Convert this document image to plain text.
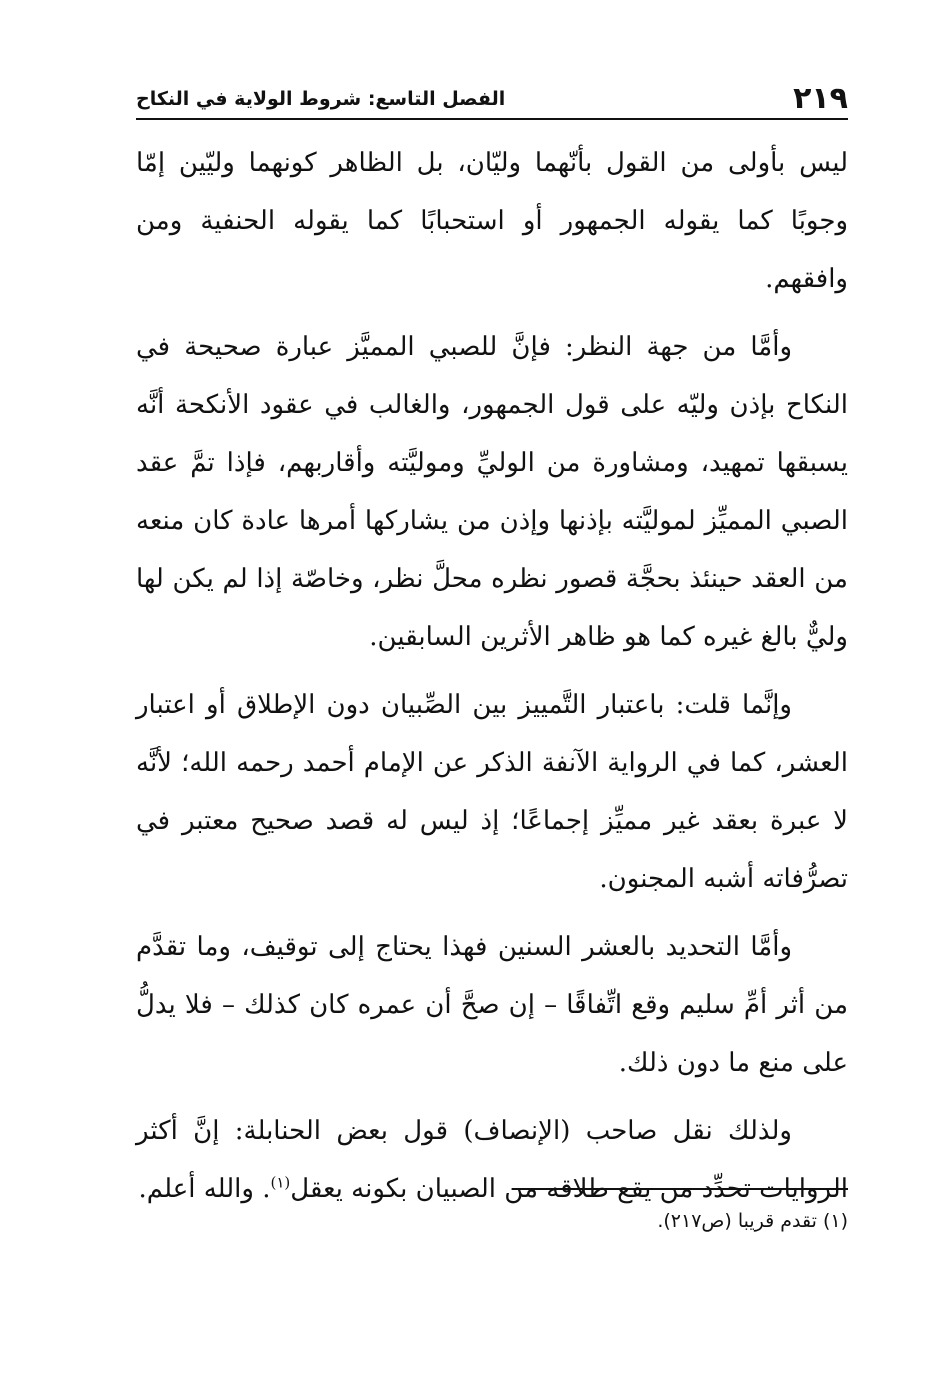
٢١٩
الفصل التاسع: شروط الولاية في النكاح

ليس بأولى من القول بأنّهما وليّان، بل الظاهر كونهما وليّين إمّا وجوبًا كما يقوله الجمهور أو استحبابًا كما يقوله الحنفية ومن وافقهم.

وأمَّا من جهة النظر: فإنَّ للصبي المميَّز عبارة صحيحة في النكاح بإذن وليّه على قول الجمهور، والغالب في عقود الأنكحة أنَّه يسبقها تمهيد، ومشاورة من الوليِّ وموليَّته وأقاربهم، فإذا تمَّ عقد الصبي المميِّز لموليَّته بإذنها وإذن من يشاركها أمرها عادة كان منعه من العقد حينئذ بحجَّة قصور نظره محلَّ نظر، وخاصّة إذا لم يكن لها وليٌّ بالغ غيره كما هو ظاهر الأثرين السابقين.

وإنَّما قلت: باعتبار التَّمييز بين الصِّبيان دون الإطلاق أو اعتبار العشر، كما في الرواية الآنفة الذكر عن الإمام أحمد رحمه الله؛ لأنَّه لا عبرة بعقد غير مميِّز إجماعًا؛ إذ ليس له قصد صحيح معتبر في تصرُّفاته أشبه المجنون.

وأمَّا التحديد بالعشر السنين فهذا يحتاج إلى توقيف، وما تقدَّم من أثر أمِّ سليم وقع اتِّفاقًا – إن صحَّ أن عمره كان كذلك – فلا يدلُّ على منع ما دون ذلك.

ولذلك نقل صاحب (الإنصاف) قول بعض الحنابلة: إنَّ أكثر الروايات تحدِّد من يقع طلاقه من الصبيان بكونه يعقل$^{(١)}$. والله أعلم.

(١) تقدم قريبا (ص٢١٧).
